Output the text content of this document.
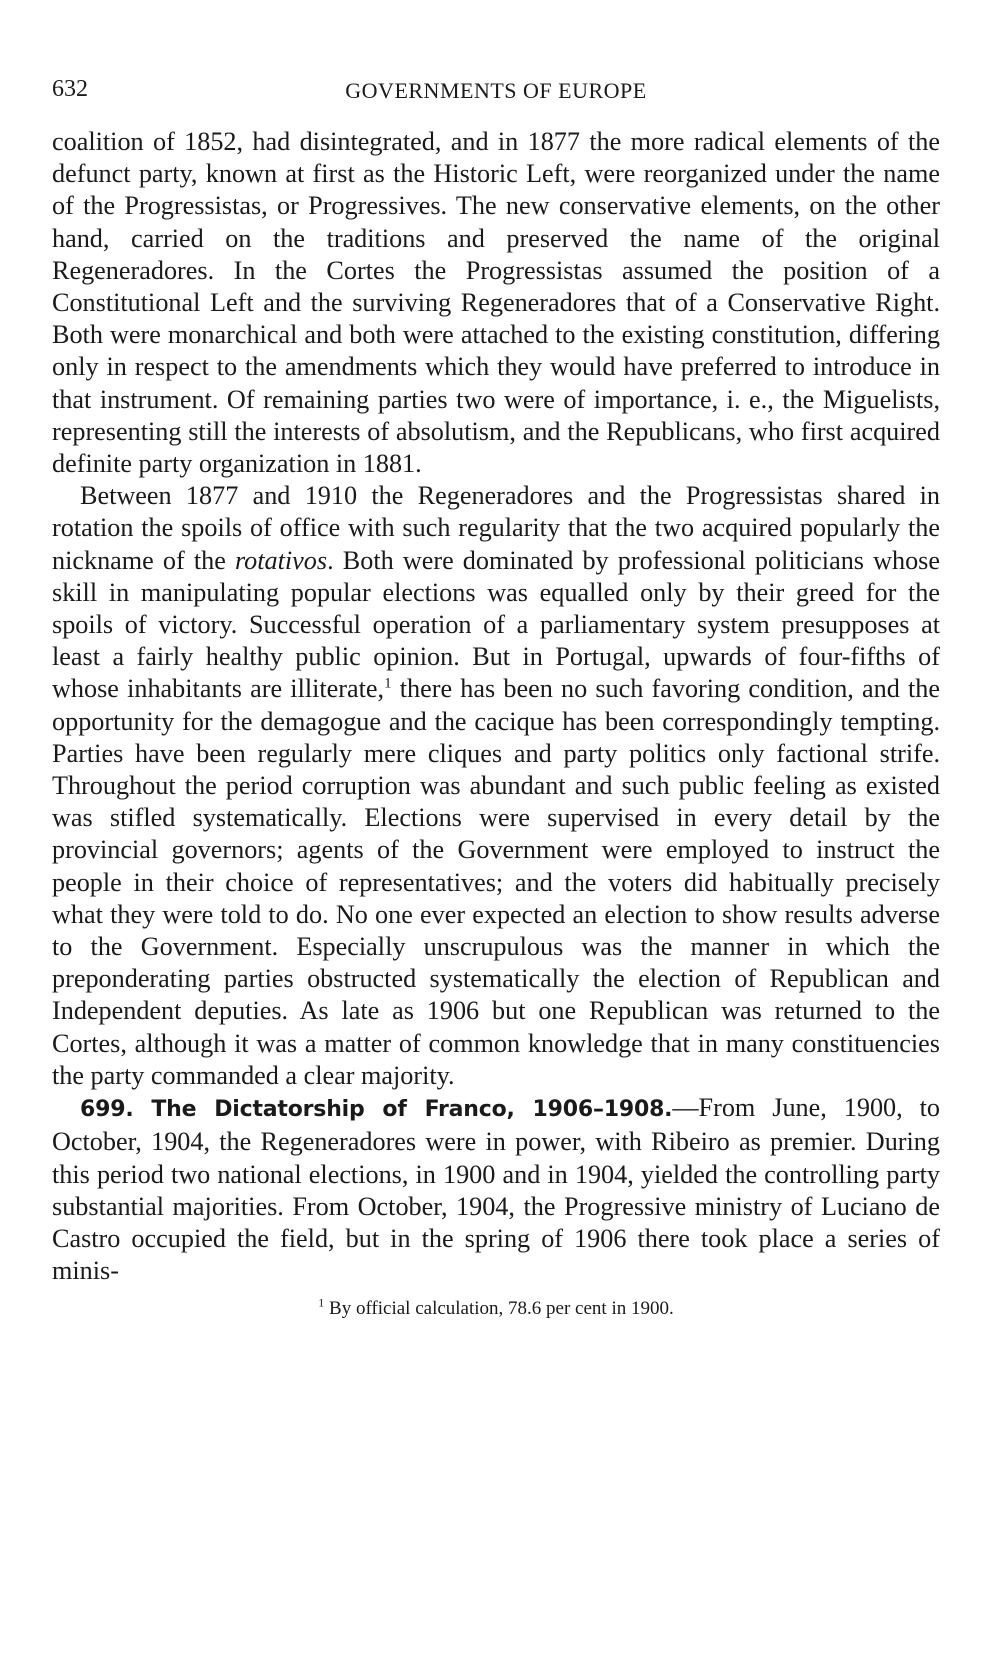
632	GOVERNMENTS OF EUROPE

coalition of 1852, had disintegrated, and in 1877 the more radical elements of the defunct party, known at first as the Historic Left, were reorganized under the name of the Progressistas, or Progressives. The new conservative elements, on the other hand, carried on the traditions and preserved the name of the original Regeneradores. In the Cortes the Progressistas assumed the position of a Constitutional Left and the surviving Regeneradores that of a Conservative Right. Both were monarchical and both were attached to the existing constitution, differing only in respect to the amendments which they would have preferred to introduce in that instrument. Of remaining parties two were of importance, i. e., the Miguelists, representing still the interests of absolutism, and the Republicans, who first acquired definite party organization in 1881.

Between 1877 and 1910 the Regeneradores and the Progressistas shared in rotation the spoils of office with such regularity that the two acquired popularly the nickname of the rotativos. Both were dominated by professional politicians whose skill in manipulating popular elections was equalled only by their greed for the spoils of victory. Successful operation of a parliamentary system presupposes at least a fairly healthy public opinion. But in Portugal, upwards of four-fifths of whose inhabitants are illiterate,$^1$ there has been no such favoring condition, and the opportunity for the demagogue and the cacique has been correspondingly tempting. Parties have been regularly mere cliques and party politics only factional strife. Throughout the period corruption was abundant and such public feeling as existed was stifled systematically. Elections were supervised in every detail by the provincial governors; agents of the Government were employed to instruct the people in their choice of representatives; and the voters did habitually precisely what they were told to do. No one ever expected an election to show results adverse to the Government. Especially unscrupulous was the manner in which the preponderating parties obstructed systematically the election of Republican and Independent deputies. As late as 1906 but one Republican was returned to the Cortes, although it was a matter of common knowledge that in many constituencies the party commanded a clear majority.

699. The Dictatorship of Franco, 1906–1908.—From June, 1900, to October, 1904, the Regeneradores were in power, with Ribeiro as premier. During this period two national elections, in 1900 and in 1904, yielded the controlling party substantial majorities. From October, 1904, the Progressive ministry of Luciano de Castro occupied the field, but in the spring of 1906 there took place a series of minis-

$^1$ By official calculation, 78.6 per cent in 1900.
